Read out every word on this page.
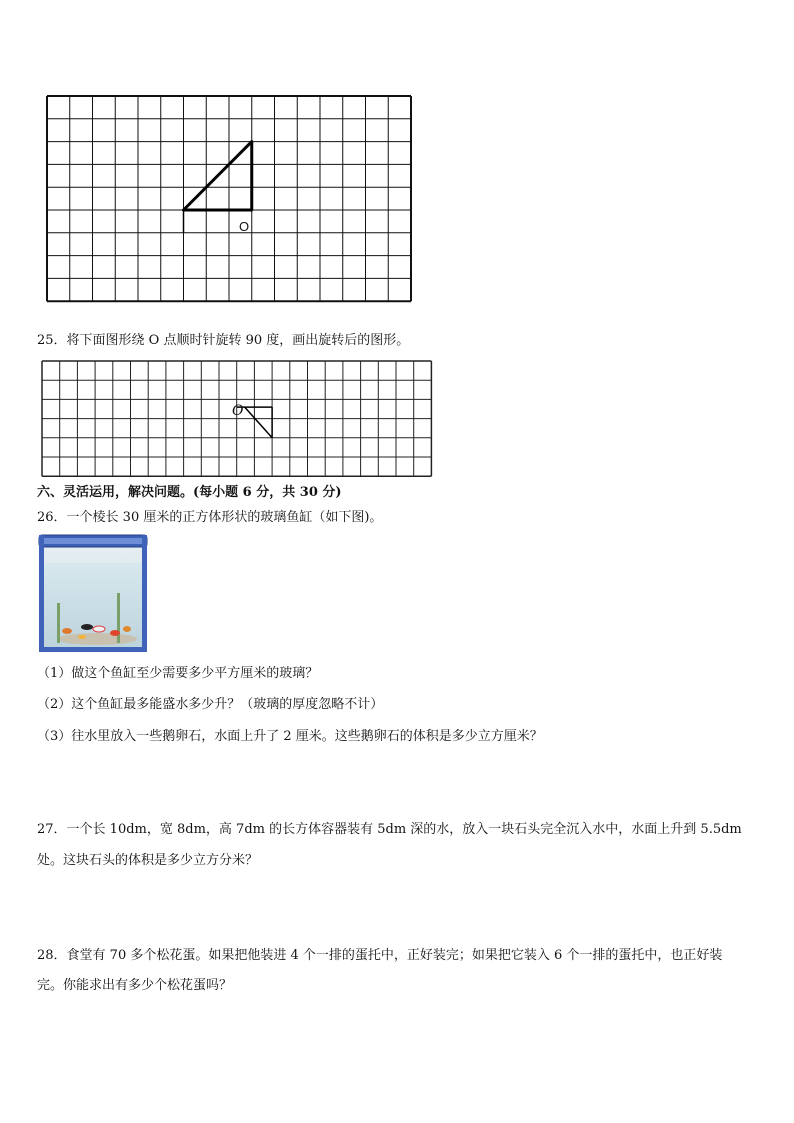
O
25．将下面图形绕 O 点顺时针旋转 90 度，画出旋转后的图形。
O
六、灵活运用，解决问题。(每小题 6 分，共 30 分)
26．一个棱长 30 厘米的正方体形状的玻璃鱼缸（如下图)。
（1）做这个鱼缸至少需要多少平方厘米的玻璃？
（2）这个鱼缸最多能盛水多少升？（玻璃的厚度忽略不计）
（3）往水里放入一些鹅卵石，水面上升了 2 厘米。这些鹅卵石的体积是多少立方厘米？
27．一个长 10dm，宽 8dm，高 7dm 的长方体容器装有 5dm 深的水，放入一块石头完全沉入水中，水面上升到 5.5dm
处。这块石头的体积是多少立方分米？
28．食堂有 70 多个松花蛋。如果把他装进 4 个一排的蛋托中，正好装完；如果把它装入 6 个一排的蛋托中，也正好装
完。你能求出有多少个松花蛋吗？
